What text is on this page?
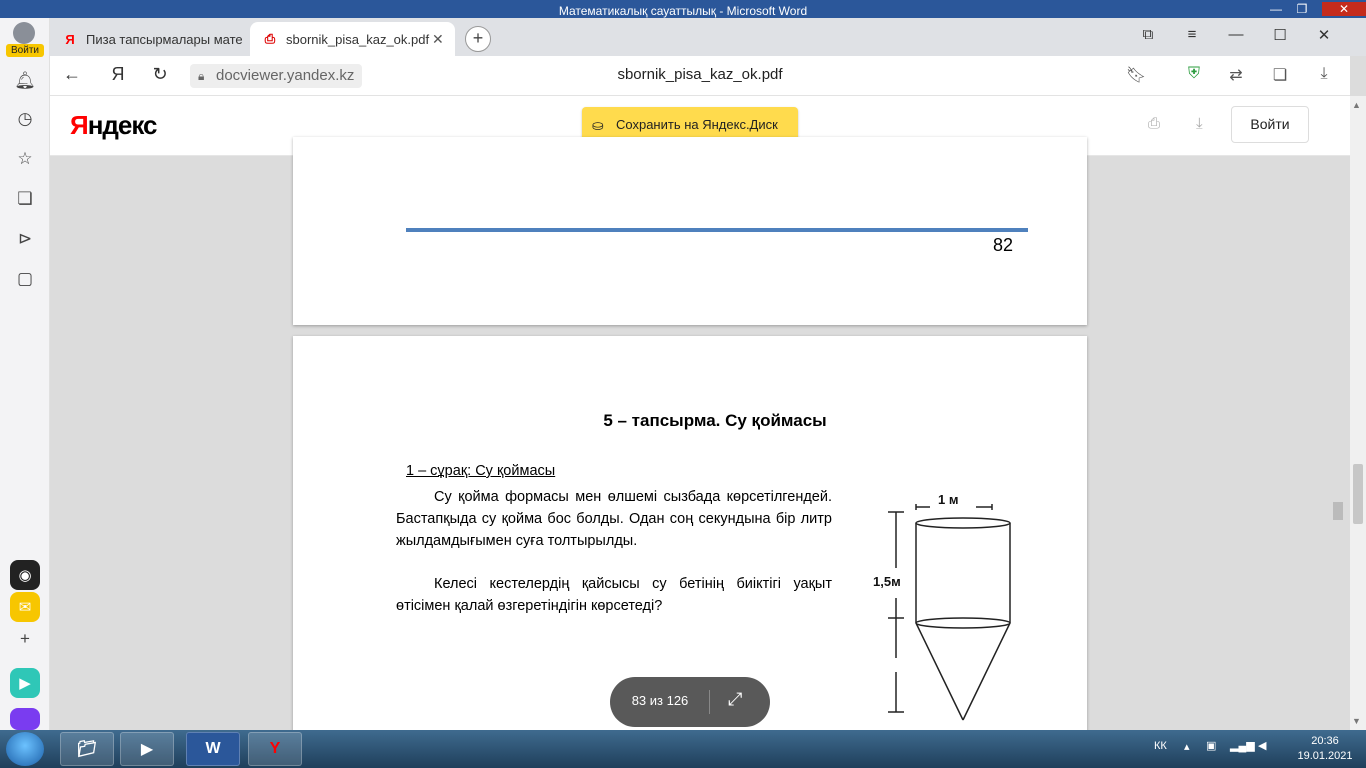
Математикалық сауаттылық - Microsoft Word	—	❐	✕
Войти
🔔︎
◷
☆
❏
⊳
▢
◉
✉
+
▶
Я Пиза тапсырмалары мате ⎙ sbornik_pisa_kaz_ok.pdf ✕	+	⧉	≡	—	☐	✕
←	Я	↻	🔒︎ docviewer.yandex.kz	sbornik_pisa_kaz_ok.pdf	🔖︎	⛨	⇄	❏	⤓
Яндекс	⛀ Сохранить на Яндекс.Диск	⎙ ⤓	Войти
82
5 – тапсырма. Су қоймасы
1 – сұрақ: Су қоймасы
Су қойма формасы мен өлшемі сызбада көрсетілгендей. Бастапқыда су қойма бос болды. Одан соң секундына бір литр жылдамдығымен суға толтырылды.
Келесі кестелердің қайсысы су бетінің биіктігі уақыт өтісімен қалай өзгеретіндігін көрсетеді?
1 м
1,5м
83 из 126	⤢
▲
▼
📁︎	▶	W	Y	КК ▴ ▣ ▂▄▆ ◀	20:36
19.01.2021
